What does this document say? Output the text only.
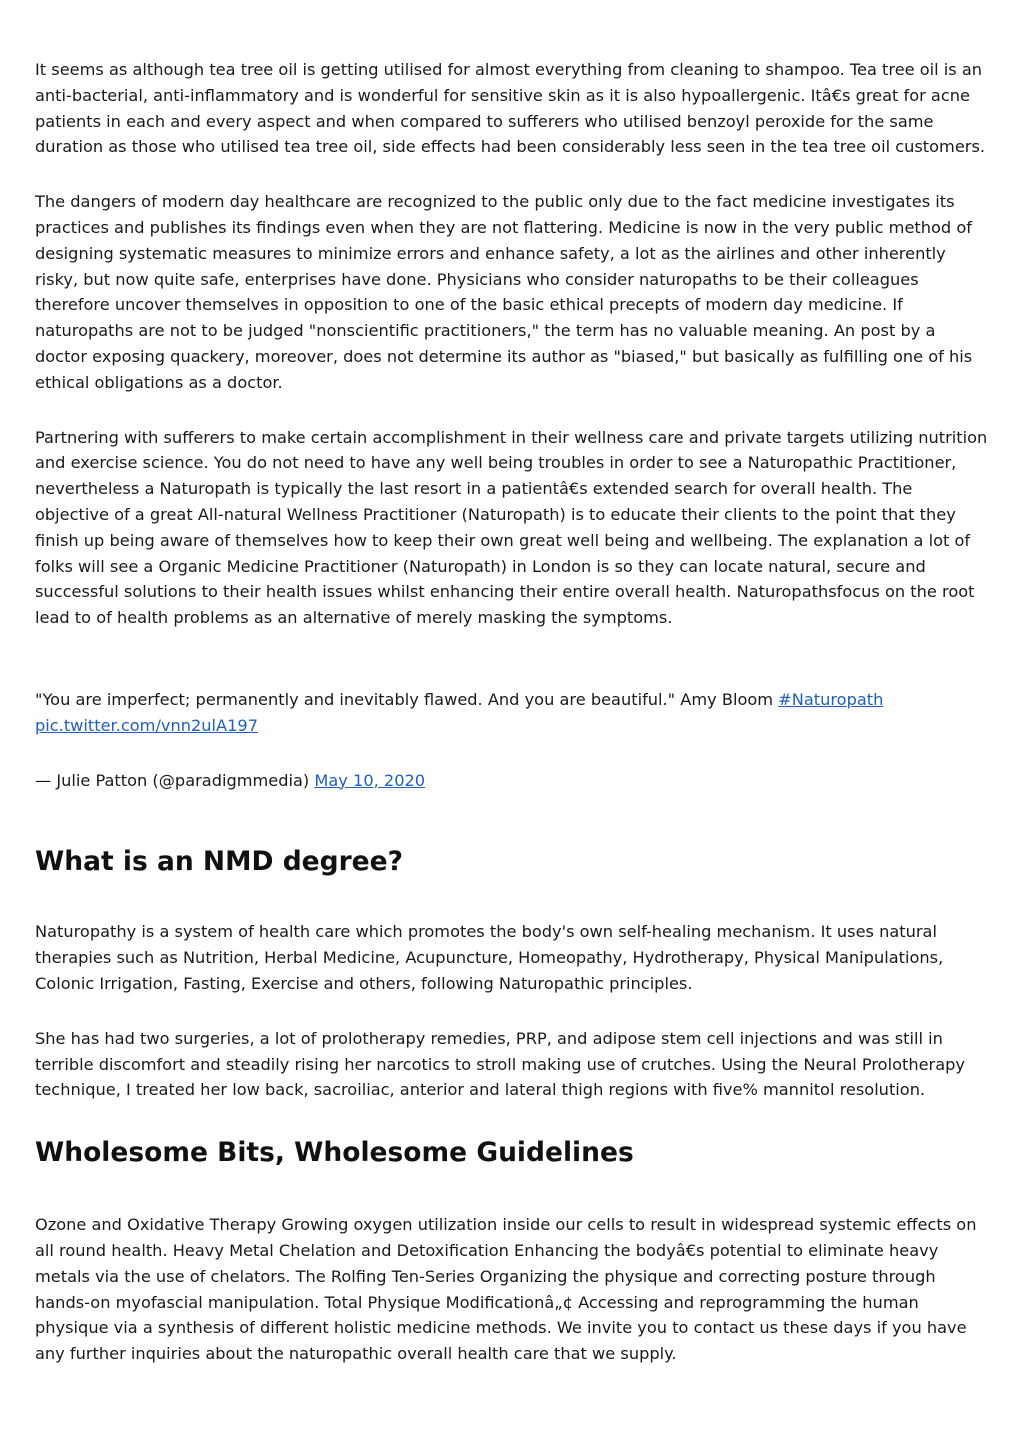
It seems as although tea tree oil is getting utilised for almost everything from cleaning to shampoo. Tea tree oil is an anti-bacterial, anti-inflammatory and is wonderful for sensitive skin as it is also hypoallergenic. Itâ€s great for acne patients in each and every aspect and when compared to sufferers who utilised benzoyl peroxide for the same duration as those who utilised tea tree oil, side effects had been considerably less seen in the tea tree oil customers.

The dangers of modern day healthcare are recognized to the public only due to the fact medicine investigates its practices and publishes its findings even when they are not flattering. Medicine is now in the very public method of designing systematic measures to minimize errors and enhance safety, a lot as the airlines and other inherently risky, but now quite safe, enterprises have done. Physicians who consider naturopaths to be their colleagues therefore uncover themselves in opposition to one of the basic ethical precepts of modern day medicine. If naturopaths are not to be judged "nonscientific practitioners," the term has no valuable meaning. An post by a doctor exposing quackery, moreover, does not determine its author as "biased," but basically as fulfilling one of his ethical obligations as a doctor.

Partnering with sufferers to make certain accomplishment in their wellness care and private targets utilizing nutrition and exercise science. You do not need to have any well being troubles in order to see a Naturopathic Practitioner, nevertheless a Naturopath is typically the last resort in a patientâ€s extended search for overall health. The objective of a great All-natural Wellness Practitioner (Naturopath) is to educate their clients to the point that they finish up being aware of themselves how to keep their own great well being and wellbeing. The explanation a lot of folks will see a Organic Medicine Practitioner (Naturopath) in London is so they can locate natural, secure and successful solutions to their health issues whilst enhancing their entire overall health. Naturopathsfocus on the root lead to of health problems as an alternative of merely masking the symptoms.

"You are imperfect; permanently and inevitably flawed. And you are beautiful." Amy Bloom #Naturopath
pic.twitter.com/vnn2ulA197

— Julie Patton (@paradigmmedia) May 10, 2020

What is an NMD degree?

Naturopathy is a system of health care which promotes the body's own self-healing mechanism. It uses natural therapies such as Nutrition, Herbal Medicine, Acupuncture, Homeopathy, Hydrotherapy, Physical Manipulations, Colonic Irrigation, Fasting, Exercise and others, following Naturopathic principles.

She has had two surgeries, a lot of prolotherapy remedies, PRP, and adipose stem cell injections and was still in terrible discomfort and steadily rising her narcotics to stroll making use of crutches. Using the Neural Prolotherapy technique, I treated her low back, sacroiliac, anterior and lateral thigh regions with five% mannitol resolution.

Wholesome Bits, Wholesome Guidelines

Ozone and Oxidative Therapy Growing oxygen utilization inside our cells to result in widespread systemic effects on all round health. Heavy Metal Chelation and Detoxification Enhancing the bodyâ€s potential to eliminate heavy metals via the use of chelators. The Rolfing Ten-Series Organizing the physique and correcting posture through hands-on myofascial manipulation. Total Physique Modificationâ„¢ Accessing and reprogramming the human physique via a synthesis of different holistic medicine methods. We invite you to contact us these days if you have any further inquiries about the naturopathic overall health care that we supply.
